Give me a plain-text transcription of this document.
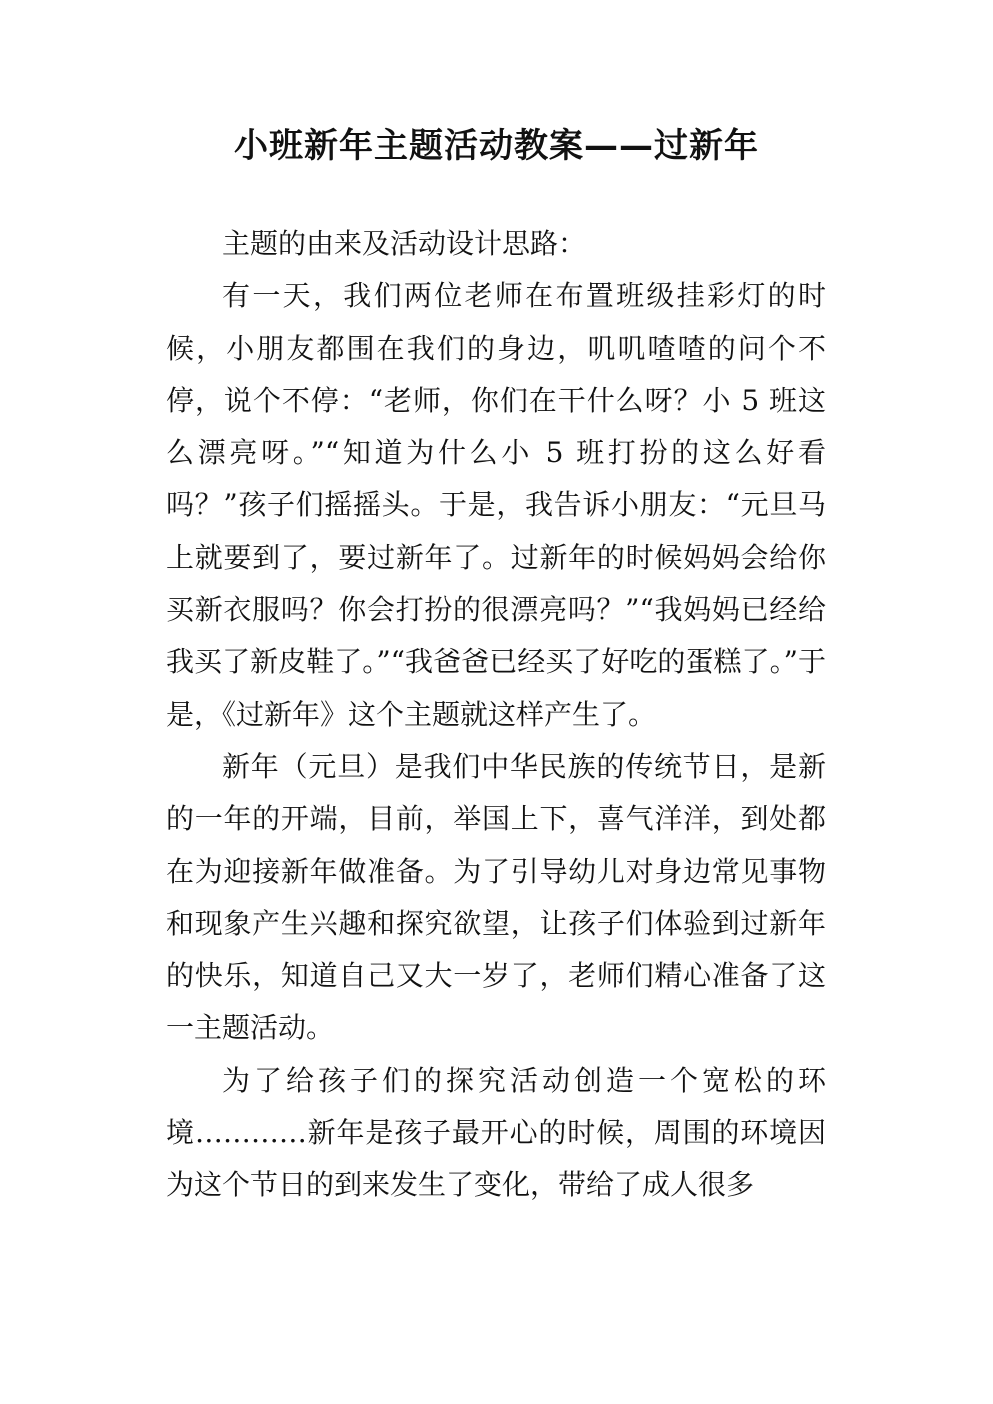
小班新年主题活动教案——过新年

主题的由来及活动设计思路：

有一天，我们两位老师在布置班级挂彩灯的时候，小朋友都围在我们的身边，叽叽喳喳的问个不停，说个不停：“老师，你们在干什么呀？小 5 班这么漂亮呀。”“知道为什么小 5 班打扮的这么好看吗？”孩子们摇摇头。于是，我告诉小朋友：“元旦马上就要到了，要过新年了。过新年的时候妈妈会给你买新衣服吗？你会打扮的很漂亮吗？”“我妈妈已经给我买了新皮鞋了。”“我爸爸已经买了好吃的蛋糕了。”于是，《过新年》这个主题就这样产生了。

新年（元旦）是我们中华民族的传统节日，是新的一年的开端，目前，举国上下，喜气洋洋，到处都在为迎接新年做准备。为了引导幼儿对身边常见事物和现象产生兴趣和探究欲望，让孩子们体验到过新年的快乐，知道自己又大一岁了，老师们精心准备了这一主题活动。

为了给孩子们的探究活动创造一个宽松的环境…………新年是孩子最开心的时候，周围的环境因为这个节日的到来发生了变化，带给了成人很多
